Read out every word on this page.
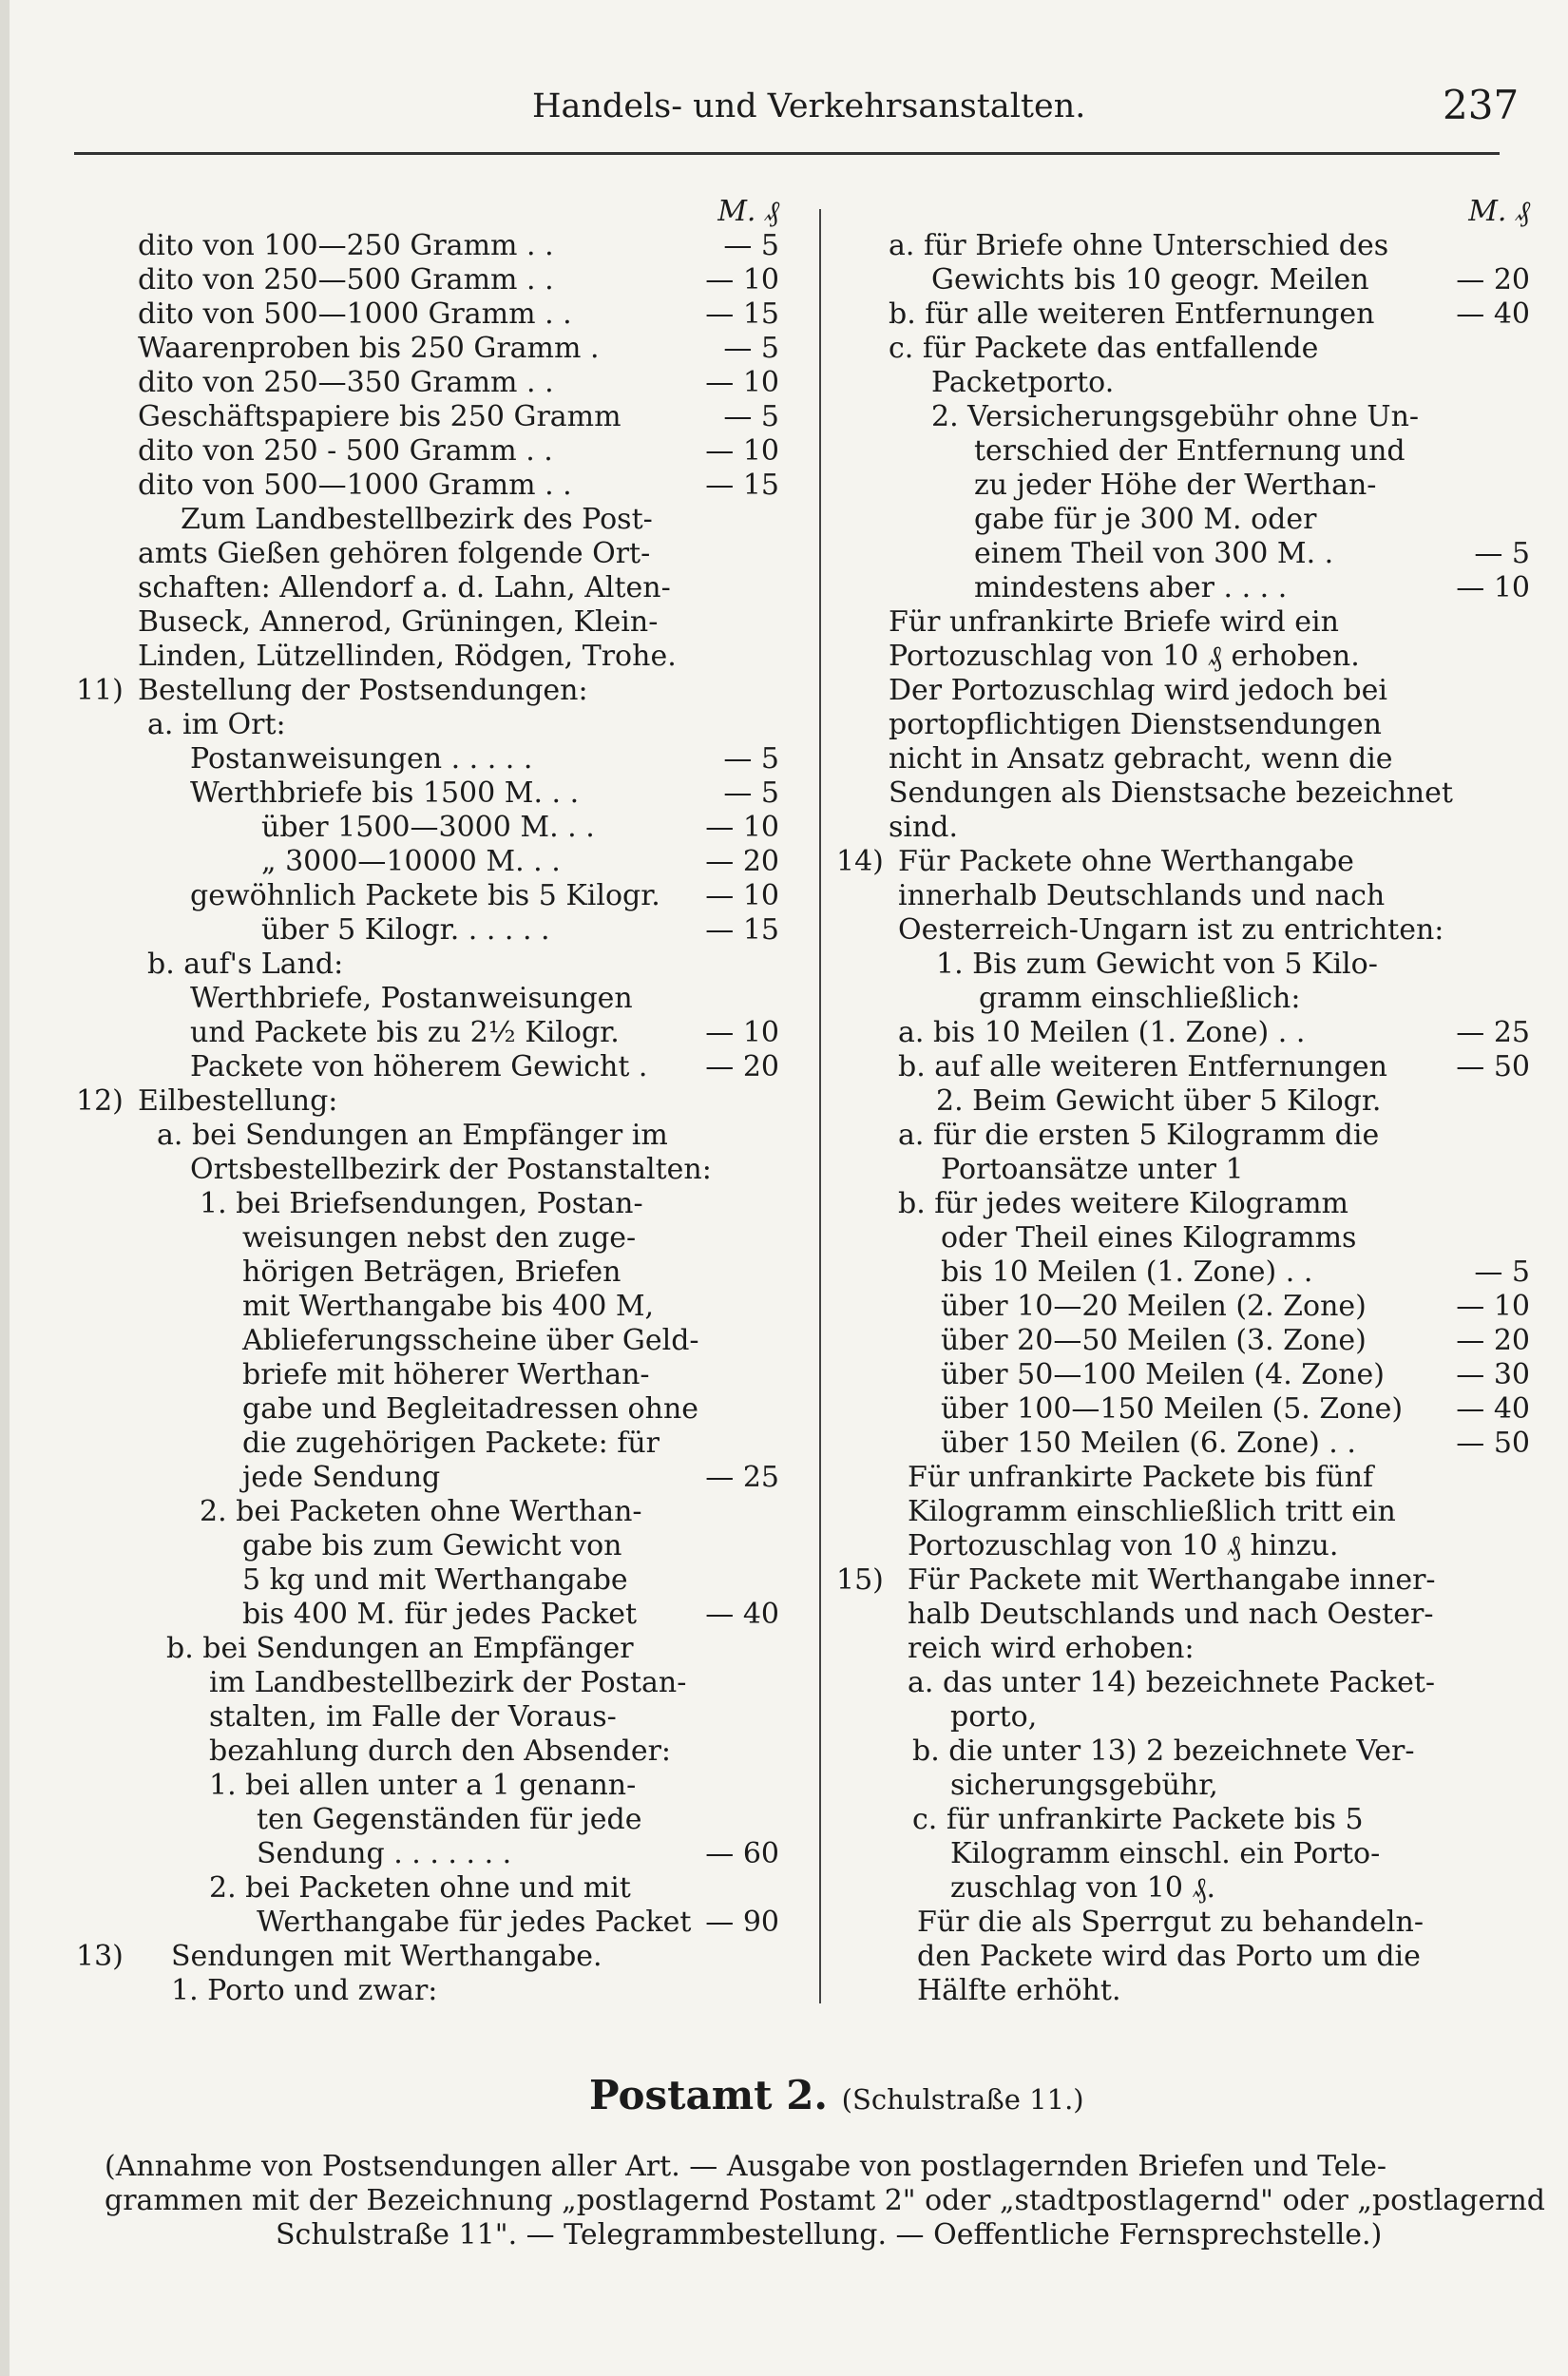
Handels- und Verkehrsanstalten.	237
M. ₰
dito von 100—250 Gramm . .	— 5
dito von 250—500 Gramm . .	— 10
dito von 500—1000 Gramm . .	— 15
Waarenproben bis 250 Gramm .	— 5
dito von 250—350 Gramm . .	— 10
Geschäftspapiere bis 250 Gramm	— 5
dito von 250 - 500 Gramm . .	— 10
dito von 500—1000 Gramm . .	— 15
Zum Landbestellbezirk des Post-
amts Gießen gehören folgende Ort-
schaften: Allendorf a. d. Lahn, Alten-
Buseck, Annerod, Grüningen, Klein-
Linden, Lützellinden, Rödgen, Trohe.
11) Bestellung der Postsendungen:
a. im Ort:
Postanweisungen . . . . .	— 5
Werthbriefe bis 1500 M. . .	— 5
über 1500—3000 M. . .	— 10
„ 3000—10000 M. . .	— 20
gewöhnlich Packete bis 5 Kilogr. — 10
über 5 Kilogr. . . . . .	— 15
b. auf's Land:
Werthbriefe, Postanweisungen
und Packete bis zu 2½ Kilogr.	— 10
Packete von höherem Gewicht . — 20
12) Eilbestellung:
a. bei Sendungen an Empfänger im
Ortsbestellbezirk der Postanstalten:
1. bei Briefsendungen, Postan-
weisungen nebst den zuge-
hörigen Beträgen, Briefen
mit Werthangabe bis 400 M,
Ablieferungsscheine über Geld-
briefe mit höherer Werthan-
gabe und Begleitadressen ohne
die zugehörigen Packete: für
jede Sendung	— 25
2. bei Packeten ohne Werthan-
gabe bis zum Gewicht von
5 kg und mit Werthangabe
bis 400 M. für jedes Packet — 40
b. bei Sendungen an Empfänger
im Landbestellbezirk der Postan-
stalten, im Falle der Voraus-
bezahlung durch den Absender:
1. bei allen unter a 1 genann-
ten Gegenständen für jede
Sendung . . . . . . .	— 60
2. bei Packeten ohne und mit
Werthangabe für jedes Packet — 90
13) Sendungen mit Werthangabe.
1. Porto und zwar:
M. ₰
a. für Briefe ohne Unterschied des
Gewichts bis 10 geogr. Meilen	— 20
b. für alle weiteren Entfernungen	— 40
c. für Packete das entfallende
Packetporto.
2. Versicherungsgebühr ohne Un-
terschied der Entfernung und
zu jeder Höhe der Werthan-
gabe für je 300 M. oder
einem Theil von 300 M. .	— 5
mindestens aber . . . .	— 10
Für unfrankirte Briefe wird ein
Portozuschlag von 10 ₰ erhoben.
Der Portozuschlag wird jedoch bei
portopflichtigen Dienstsendungen
nicht in Ansatz gebracht, wenn die
Sendungen als Dienstsache bezeichnet
sind.
14) Für Packete ohne Werthangabe
innerhalb Deutschlands und nach
Oesterreich-Ungarn ist zu entrichten:
1. Bis zum Gewicht von 5 Kilo-
gramm einschließlich:
a. bis 10 Meilen (1. Zone) . .	— 25
b. auf alle weiteren Entfernungen — 50
2. Beim Gewicht über 5 Kilogr.
a. für die ersten 5 Kilogramm die
Portoansätze unter 1
b. für jedes weitere Kilogramm
oder Theil eines Kilogramms
bis 10 Meilen (1. Zone) . .	— 5
über 10—20 Meilen (2. Zone)	— 10
über 20—50 Meilen (3. Zone)	— 20
über 50—100 Meilen (4. Zone)	— 30
über 100—150 Meilen (5. Zone) — 40
über 150 Meilen (6. Zone) . .	— 50
Für unfrankirte Packete bis fünf
Kilogramm einschließlich tritt ein
Portozuschlag von 10 ₰ hinzu.
15) Für Packete mit Werthangabe inner-
halb Deutschlands und nach Oester-
reich wird erhoben:
a. das unter 14) bezeichnete Packet-
porto,
b. die unter 13) 2 bezeichnete Ver-
sicherungsgebühr,
c. für unfrankirte Packete bis 5
Kilogramm einschl. ein Porto-
zuschlag von 10 ₰.
Für die als Sperrgut zu behandeln-
den Packete wird das Porto um die
Hälfte erhöht.
Postamt 2. (Schulstraße 11.)
(Annahme von Postsendungen aller Art. — Ausgabe von postlagernden Briefen und Tele-
grammen mit der Bezeichnung „postlagernd Postamt 2" oder „stadtpostlagernd" oder „postlagernd
Schulstraße 11". — Telegrammbestellung. — Oeffentliche Fernsprechstelle.)
